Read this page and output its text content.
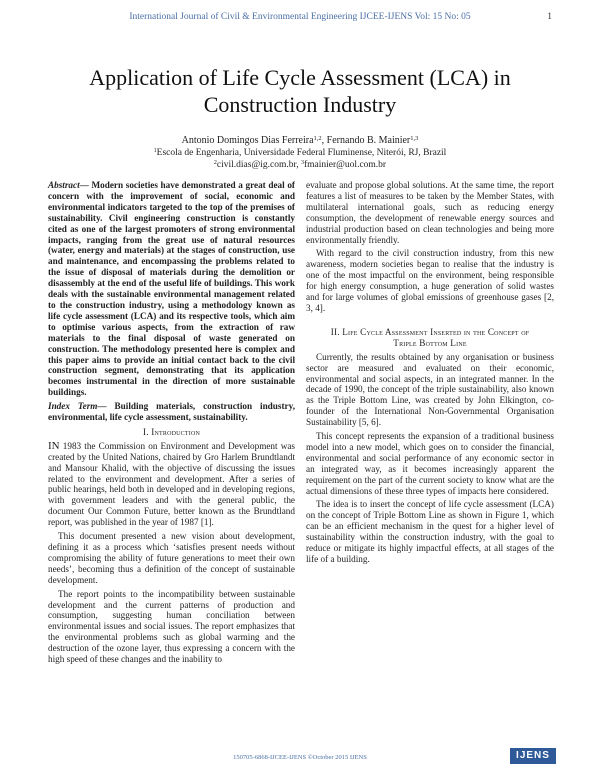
International Journal of Civil & Environmental Engineering IJCEE-IJENS Vol: 15 No: 05	1
Application of Life Cycle Assessment (LCA) in
Construction Industry
Antonio Domingos Dias Ferreira$^{1,2}$, Fernando B. Mainier$^{1,3}$
$^1$Escola de Engenharia, Universidade Federal Fluminense, Niterói, RJ, Brazil
$^2$civil.dias@ig.com.br, $^3$fmainier@uol.com.br

Abstract— Modern societies have demonstrated a great deal of concern with the improvement of social, economic and environmental indicators targeted to the top of the premises of sustainability. Civil engineering construction is constantly cited as one of the largest promoters of strong environmental impacts, ranging from the great use of natural resources (water, energy and materials) at the stages of construction, use and maintenance, and encompassing the problems related to the issue of disposal of materials during the demolition or disassembly at the end of the useful life of buildings. This work deals with the sustainable environmental management related to the construction industry, using a methodology known as life cycle assessment (LCA) and its respective tools, which aim to optimise various aspects, from the extraction of raw materials to the final disposal of waste generated on construction. The methodology presented here is complex and this paper aims to provide an initial contact back to the civil construction segment, demonstrating that its application becomes instrumental in the direction of more sustainable buildings.

Index Term— Building materials, construction industry, environmental, life cycle assessment, sustainability.

I. Introduction

IN 1983 the Commission on Environment and Development was created by the United Nations, chaired by Gro Harlem Brundtlandt and Mansour Khalid, with the objective of discussing the issues related to the environment and development. After a series of public hearings, held both in developed and in developing regions, with government leaders and with the general public, the document Our Common Future, better known as the Brundtland report, was published in the year of 1987 [1].

This document presented a new vision about development, defining it as a process which ‘satisfies present needs without compromising the ability of future generations to meet their own needs’, becoming thus a definition of the concept of sustainable development.

The report points to the incompatibility between sustainable development and the current patterns of production and consumption, suggesting human conciliation between environmental issues and social issues. The report emphasizes that the environmental problems such as global warming and the destruction of the ozone layer, thus expressing a concern with the high speed of these changes and the inability to

evaluate and propose global solutions. At the same time, the report features a list of measures to be taken by the Member States, with multilateral international goals, such as reducing energy consumption, the development of renewable energy sources and industrial production based on clean technologies and being more environmentally friendly.

With regard to the civil construction industry, from this new awareness, modern societies began to realise that the industry is one of the most impactful on the environment, being responsible for high energy consumption, a huge generation of solid wastes and for large volumes of global emissions of greenhouse gases [2, 3, 4].

II. Life Cycle Assessment Inserted in the Concept of
Triple Bottom Line

Currently, the results obtained by any organisation or business sector are measured and evaluated on their economic, environmental and social aspects, in an integrated manner. In the decade of 1990, the concept of the triple sustainability, also known as the Triple Bottom Line, was created by John Elkington, co-founder of the International Non-Governmental Organisation Sustainability [5, 6].

This concept represents the expansion of a traditional business model into a new model, which goes on to consider the financial, environmental and social performance of any economic sector in an integrated way, as it becomes increasingly apparent the requirement on the part of the current society to know what are the actual dimensions of these three types of impacts here considered.

The idea is to insert the concept of life cycle assessment (LCA) on the concept of Triple Bottom Line as shown in Figure 1, which can be an efficient mechanism in the quest for a higher level of sustainability within the construction industry, with the goal to reduce or mitigate its highly impactful effects, at all stages of the life of a building.

150705-6868-IJCEE-IJENS ©October 2015 IJENS	IJENS
